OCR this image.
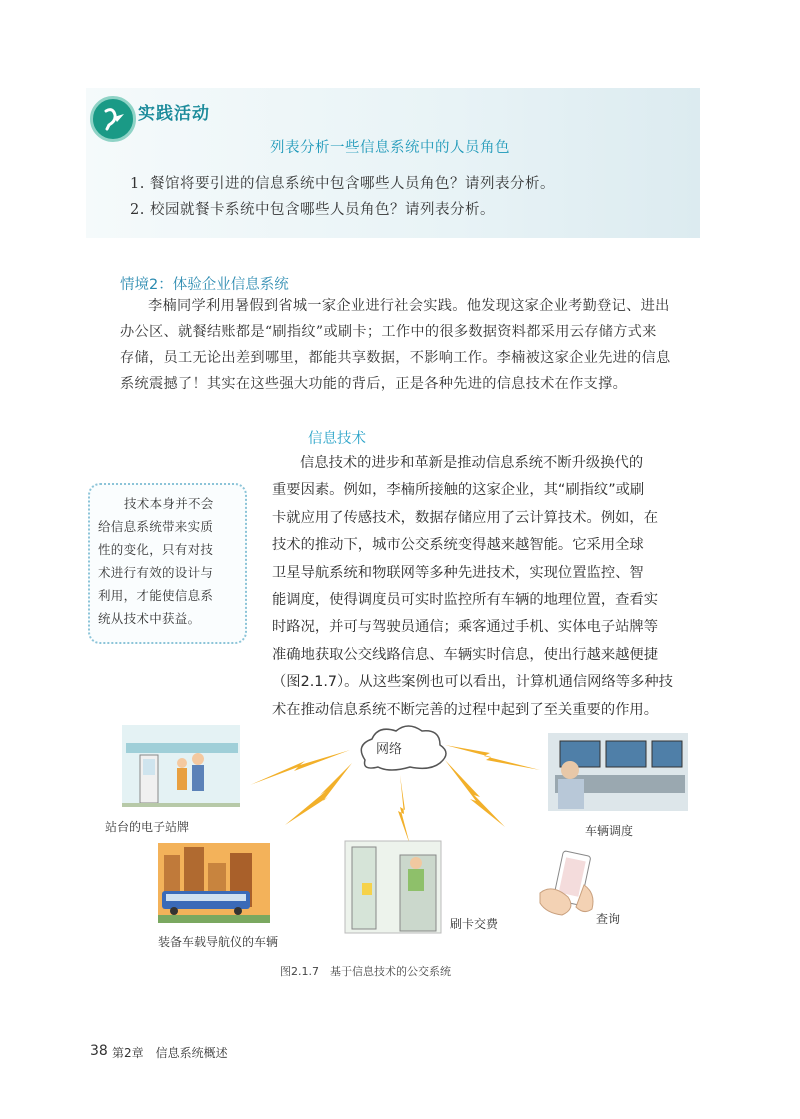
实践活动
列表分析一些信息系统中的人员角色
1. 餐馆将要引进的信息系统中包含哪些人员角色？请列表分析。
2. 校园就餐卡系统中包含哪些人员角色？请列表分析。
情境2：体验企业信息系统
李楠同学利用暑假到省城一家企业进行社会实践。他发现这家企业考勤登记、进出
办公区、就餐结账都是“刷指纹”或刷卡；工作中的很多数据资料都采用云存储方式来
存储，员工无论出差到哪里，都能共享数据，不影响工作。李楠被这家企业先进的信息
系统震撼了！其实在这些强大功能的背后，正是各种先进的信息技术在作支撑。
信息技术
信息技术的进步和革新是推动信息系统不断升级换代的
重要因素。例如，李楠所接触的这家企业，其“刷指纹”或刷
卡就应用了传感技术，数据存储应用了云计算技术。例如，在
技术的推动下，城市公交系统变得越来越智能。它采用全球
卫星导航系统和物联网等多种先进技术，实现位置监控、智
能调度，使得调度员可实时监控所有车辆的地理位置，查看实
时路况，并可与驾驶员通信；乘客通过手机、实体电子站牌等
准确地获取公交线路信息、车辆实时信息，使出行越来越便捷
（图2.1.7）。从这些案例也可以看出，计算机通信网络等多种技
术在推动信息系统不断完善的过程中起到了至关重要的作用。
技术本身并不会
给信息系统带来实质
性的变化，只有对技
术进行有效的设计与
利用，才能使信息系
统从技术中获益。
网络
站台的电子站牌	车辆调度
装备车载导航仪的车辆
刷卡交费	查询
图2.1.7　基于信息技术的公交系统
38 第2章　信息系统概述
